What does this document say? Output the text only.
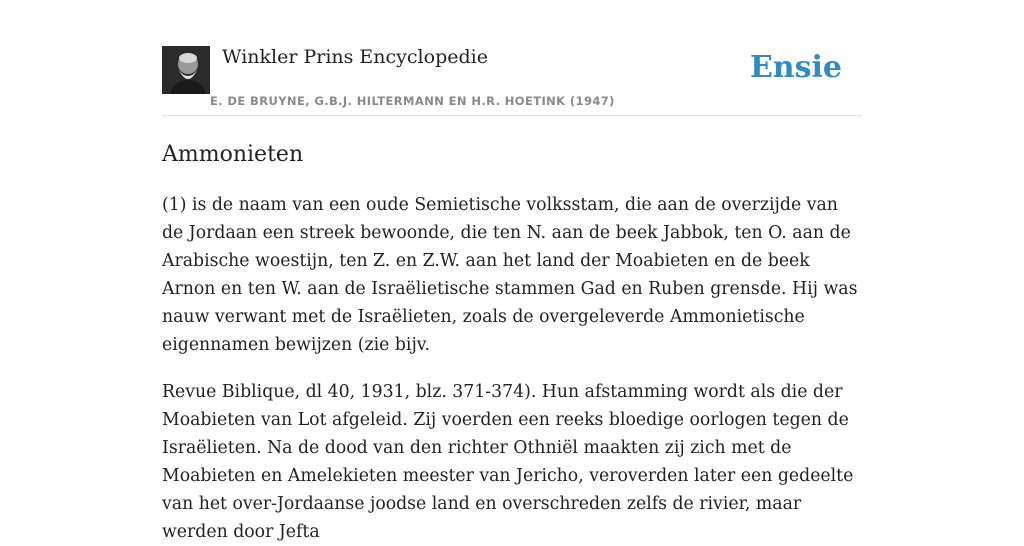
Winkler Prins Encyclopedie
E. DE BRUYNE, G.B.J. HILTERMANN EN H.R. HOETINK (1947)
Ensie
Ammonieten

(1) is de naam van een oude Semietische volksstam, die aan de overzijde van de Jordaan een streek bewoonde, die ten N. aan de beek Jabbok, ten O. aan de Arabische woestijn, ten Z. en Z.W. aan het land der Moabieten en de beek Arnon en ten W. aan de Israëlietische stammen Gad en Ruben grensde. Hij was nauw verwant met de Israëlieten, zoals de overgeleverde Ammonietische eigennamen bewijzen (zie bijv.

Revue Biblique, dl 40, 1931, blz. 371-374). Hun afstamming wordt als die der Moabieten van Lot afgeleid. Zij voerden een reeks bloedige oorlogen tegen de Israëlieten. Na de dood van den richter Othniël maakten zij zich met de Moabieten en Amelekieten meester van Jericho, veroverden later een gedeelte van het over-Jordaanse joodse land en overschreden zelfs de rivier, maar werden door Jefta
